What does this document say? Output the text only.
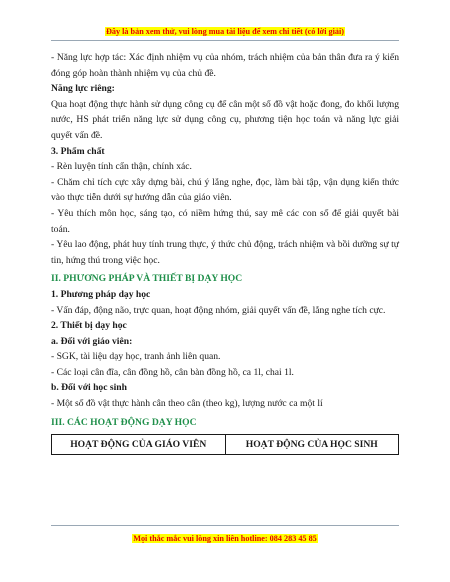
Đây là bản xem thử, vui lòng mua tài liệu để xem chi tiết (có lời giải)

- Năng lực hợp tác: Xác định nhiệm vụ của nhóm, trách nhiệm của bản thân đưa ra ý kiến đóng góp hoàn thành nhiệm vụ của chủ đề.

Năng lực riêng:

Qua hoạt động thực hành sử dụng công cụ để cân một số đồ vật hoặc đong, đo khối lượng nước, HS phát triển năng lực sử dụng công cụ, phương tiện học toán và năng lực giải quyết vấn đề.

3. Phẩm chất

- Rèn luyện tính cẩn thận, chính xác.

- Chăm chỉ tích cực xây dựng bài, chú ý lắng nghe, đọc, làm bài tập, vận dụng kiến thức vào thực tiễn dưới sự hướng dẫn của giáo viên.

- Yêu thích môn học, sáng tạo, có niềm hứng thú, say mê các con số để giải quyết bài toán.

- Yêu lao động, phát huy tính trung thực, ý thức chủ động, trách nhiệm và bồi dưỡng sự tự tin, hứng thú trong việc học.

II. PHƯƠNG PHÁP VÀ THIẾT BỊ DẠY HỌC

1. Phương pháp dạy học

- Vấn đáp, động não, trực quan, hoạt động nhóm, giải quyết vấn đề, lắng nghe tích cực.

2. Thiết bị dạy học

a. Đối với giáo viên:

- SGK, tài liệu dạy học, tranh ảnh liên quan.

- Các loại cân đĩa, cân đồng hồ, cân bàn đồng hồ, ca 1l, chai 1l.

b. Đối với học sinh

- Một số đồ vật thực hành cân theo cân (theo kg), lượng nước ca một lí

III. CÁC HOẠT ĐỘNG DẠY HỌC

HOẠT ĐỘNG CỦA GIÁO VIÊN	HOẠT ĐỘNG CỦA HỌC SINH
Mọi thắc mắc vui lòng xin liên hotline: 084 283 45 85
